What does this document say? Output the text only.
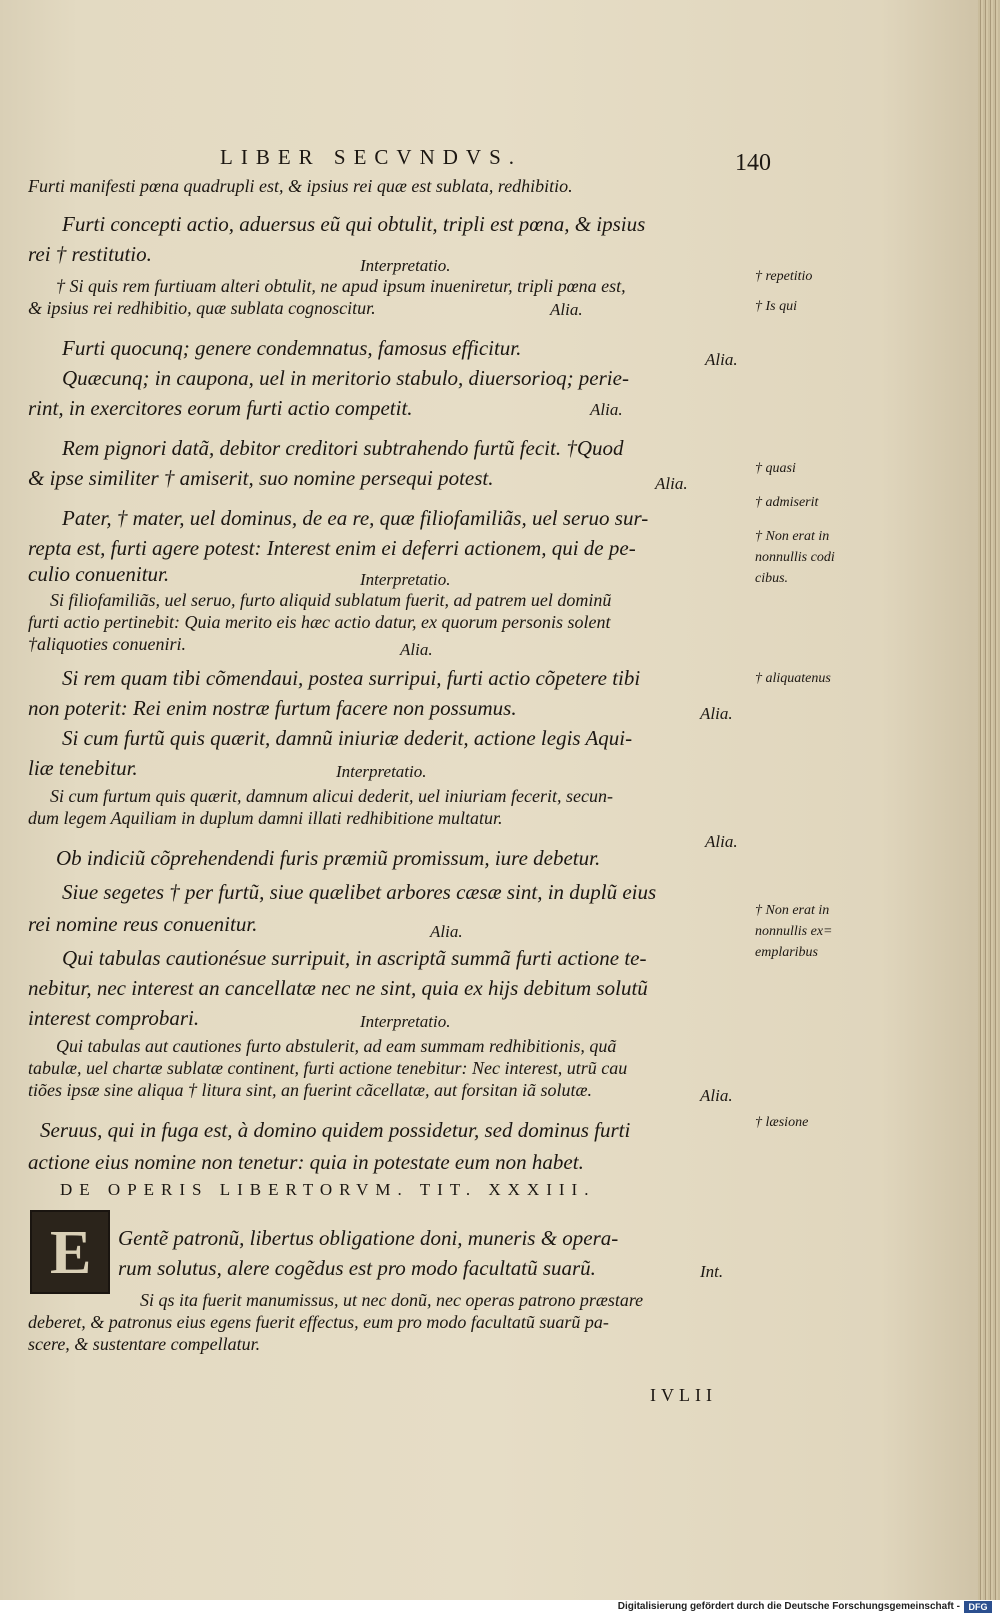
LIBER SECVNDVS.	140
Furti manifesti pœna quadrupli est, & ipsius rei quæ est sublata, redhibitio.
Furti concepti actio, aduersus eũ qui obtulit, tripli est pœna, & ipsius
rei † restitutio.	Interpretatio.
† Si quis rem furtiuam alteri obtulit, ne apud ipsum inueniretur, tripli pœna est,
& ipsius rei redhibitio, quæ sublata cognoscitur.	Alia.
Furti quocunq; genere condemnatus, famosus efficitur.	Alia.
Quæcunq; in caupona, uel in meritorio stabulo, diuersorioq; perie-
rint, in exercitores eorum furti actio competit.	Alia.
Rem pignori datã, debitor creditori subtrahendo furtũ fecit. †Quod
& ipse similiter † amiserit, suo nomine persequi potest.	Alia.
Pater, † mater, uel dominus, de ea re, quæ filiofamiliãs, uel seruo sur-
repta est, furti agere potest: Interest enim ei deferri actionem, qui de pe-
culio conuenitur.	Interpretatio.
Si filiofamiliãs, uel seruo, furto aliquid sublatum fuerit, ad patrem uel dominũ
furti actio pertinebit: Quia merito eis hæc actio datur, ex quorum personis solent
†aliquoties conueniri.	Alia.
Si rem quam tibi cõmendaui, postea surripui, furti actio cõpetere tibi
non poterit: Rei enim nostræ furtum facere non possumus.	Alia.
Si cum furtũ quis quærit, damnũ iniuriæ dederit, actione legis Aqui-
liæ tenebitur.	Interpretatio.
Si cum furtum quis quærit, damnum alicui dederit, uel iniuriam fecerit, secun-
dum legem Aquiliam in duplum damni illati redhibitione multatur.
Alia.
Ob indiciũ cõprehendendi furis præmiũ promissum, iure debetur.
Siue segetes † per furtũ, siue quælibet arbores cæsæ sint, in duplũ eius
rei nomine reus conuenitur.	Alia.
Qui tabulas cautionésue surripuit, in ascriptã summã furti actione te-
nebitur, nec interest an cancellatæ nec ne sint, quia ex hijs debitum solutũ
interest comprobari.	Interpretatio.
Qui tabulas aut cautiones furto abstulerit, ad eam summam redhibitionis, quã
tabulæ, uel chartæ sublatæ continent, furti actione tenebitur: Nec interest, utrũ cau
tiões ipsæ sine aliqua † litura sint, an fuerint cãcellatæ, aut forsitan iã solutæ.	Alia.
Seruus, qui in fuga est, à domino quidem possidetur, sed dominus furti
actione eius nomine non tenetur: quia in potestate eum non habet.
DE OPERIS LIBERTORVM. TIT. XXXIII.
E Gentẽ patronũ, libertus obligatione doni, muneris & opera-
rum solutus, alere cogẽdus est pro modo facultatũ suarũ.	Int.
Si qs ita fuerit manumissus, ut nec donũ, nec operas patrono præstare
deberet, & patronus eius egens fuerit effectus, eum pro modo facultatũ suarũ pa-
scere, & sustentare compellatur.
IVLII
† repetitio
† Is qui
† quasi
† admiserit
† Non erat in nonnullis codi cibus.
† aliquatenus
† Non erat in nonnullis ex= emplaribus
† læsione
Digitalisierung gefördert durch die Deutsche Forschungsgemeinschaft - DFG
